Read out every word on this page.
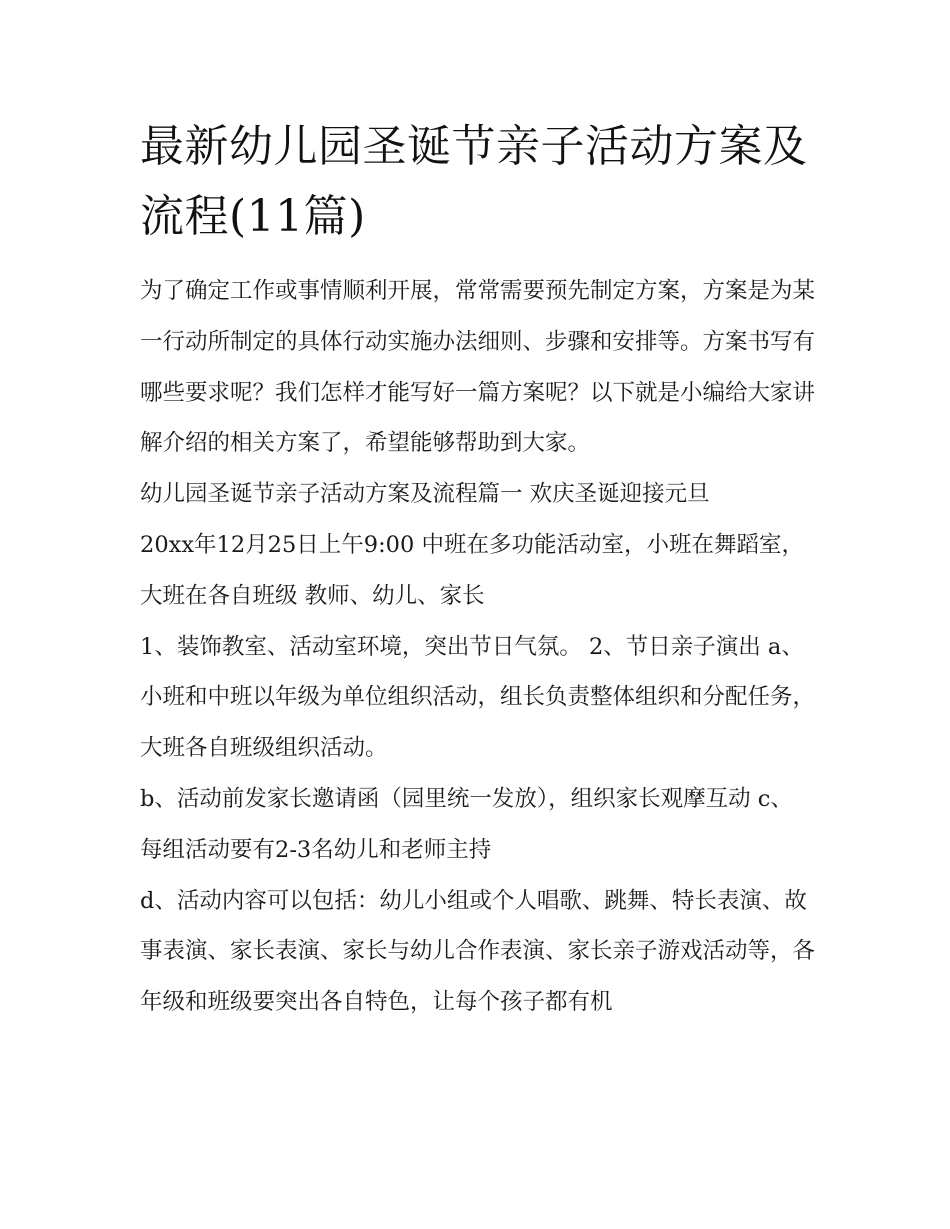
最新幼儿园圣诞节亲子活动方案及流程(11篇)

为了确定工作或事情顺利开展，常常需要预先制定方案，方案是为某一行动所制定的具体行动实施办法细则、步骤和安排等。方案书写有哪些要求呢？我们怎样才能写好一篇方案呢？以下就是小编给大家讲解介绍的相关方案了，希望能够帮助到大家。

幼儿园圣诞节亲子活动方案及流程篇一 欢庆圣诞迎接元旦

20xx年12月25日上午9:00 中班在多功能活动室，小班在舞蹈室，大班在各自班级 教师、幼儿、家长

1、装饰教室、活动室环境，突出节日气氛。 2、节日亲子演出 a、小班和中班以年级为单位组织活动，组长负责整体组织和分配任务，大班各自班级组织活动。

b、活动前发家长邀请函（园里统一发放），组织家长观摩互动 c、每组活动要有2-3名幼儿和老师主持

d、活动内容可以包括：幼儿小组或个人唱歌、跳舞、特长表演、故事表演、家长表演、家长与幼儿合作表演、家长亲子游戏活动等，各年级和班级要突出各自特色，让每个孩子都有机
